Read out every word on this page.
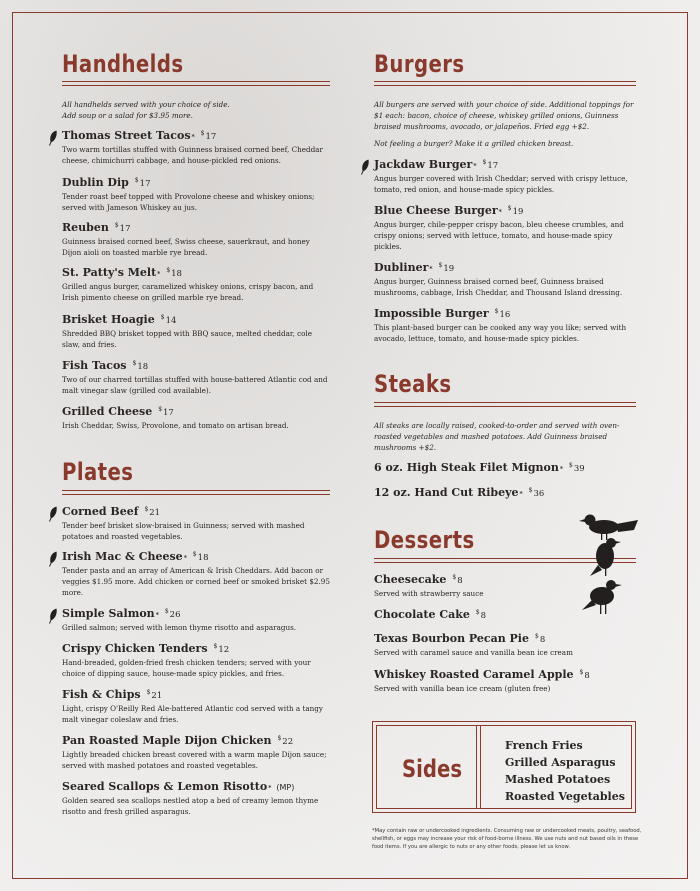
Handhelds
All handhelds served with your choice of side.
Add soup or a salad for $3.95 more.
Thomas Street Tacos *
$17
Two warm tortillas stuffed with Guinness braised corned beef, Cheddar cheese, chimichurri cabbage, and house-pickled red onions.
Dublin Dip $17
Tender roast beef topped with Provolone cheese and whiskey onions; served with Jameson Whiskey au jus.
Reuben $17
Guinness braised corned beef, Swiss cheese, sauerkraut, and honey Dijon aioli on toasted marble rye bread.
St. Patty's Melt *
$18
Grilled angus burger, caramelized whiskey onions, crispy bacon, and Irish pimento cheese on grilled marble rye bread.
Brisket Hoagie $14
Shredded BBQ brisket topped with BBQ sauce, melted cheddar, cole slaw, and fries.
Fish Tacos $18
Two of our charred tortillas stuffed with house-battered Atlantic cod and malt vinegar slaw (grilled cod available).
Grilled Cheese $17
Irish Cheddar, Swiss, Provolone, and tomato on artisan bread.
Plates
Corned Beef $21
Tender beef brisket slow-braised in Guinness; served with mashed potatoes and roasted vegetables.
Irish Mac & Cheese *
$18
Tender pasta and an array of American & Irish Cheddars. Add bacon or veggies $1.95 more. Add chicken or corned beef or smoked brisket $2.95 more.
Simple Salmon *
$26
Grilled salmon; served with lemon thyme risotto and asparagus.
Crispy Chicken Tenders $12
Hand-breaded, golden-fried fresh chicken tenders; served with your choice of dipping sauce, house-made spicy pickles, and fries.
Fish & Chips $21
Light, crispy O'Reilly Red Ale-battered Atlantic cod served with a tangy malt vinegar coleslaw and fries.
Pan Roasted Maple Dijon Chicken $22
Lightly breaded chicken breast covered with a warm maple Dijon sauce; served with mashed potatoes and roasted vegetables.
Seared Scallops & Lemon Risotto * (MP)
Golden seared sea scallops nestled atop a bed of creamy lemon thyme risotto and fresh grilled asparagus.
Burgers
All burgers are served with your choice of side. Additional toppings for $1 each: bacon, choice of cheese, whiskey grilled onions, Guinness braised mushrooms, avocado, or jalapeños. Fried egg +$2.
Not feeling a burger? Make it a grilled chicken breast.
Jackdaw Burger *
$17
Angus burger covered with Irish Cheddar; served with crispy lettuce, tomato, red onion, and house-made spicy pickles.
Blue Cheese Burger *
$19
Angus burger, chile-pepper crispy bacon, bleu cheese crumbles, and crispy onions; served with lettuce, tomato, and house-made spicy pickles.
Dubliner *
$19
Angus burger, Guinness braised corned beef, Guinness braised mushrooms, cabbage, Irish Cheddar, and Thousand Island dressing.
Impossible Burger $16
This plant-based burger can be cooked any way you like; served with avocado, lettuce, tomato, and house-made spicy pickles.
Steaks
All steaks are locally raised, cooked-to-order and served with oven-roasted vegetables and mashed potatoes. Add Guinness braised mushrooms +$2.
6 oz. High Steak Filet Mignon *
$39
12 oz. Hand Cut Ribeye *
$36
Desserts
Cheesecake $8
Served with strawberry sauce
Chocolate Cake $8
Texas Bourbon Pecan Pie $8
Served with caramel sauce and vanilla bean ice cream
Whiskey Roasted Caramel Apple $8
Served with vanilla bean ice cream (gluten free)
Sides
French Fries
Grilled Asparagus
Mashed Potatoes
Roasted Vegetables
*May contain raw or undercooked ingredients. Consuming raw or undercooked meats, poultry, seafood, shellfish, or eggs may increase your risk of food-borne illness. We use nuts and nut based oils in these food items. If you are allergic to nuts or any other foods, please let us know.
